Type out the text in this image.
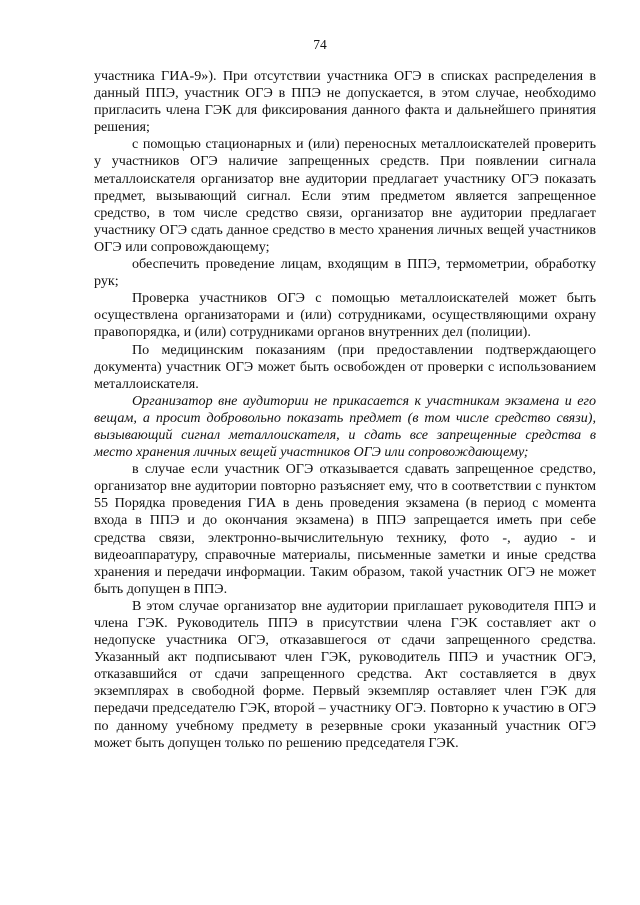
74

участника ГИА-9»). При отсутствии участника ОГЭ в списках распределения в данный ППЭ, участник ОГЭ в ППЭ не допускается, в этом случае, необходимо пригласить члена ГЭК для фиксирования данного факта и дальнейшего принятия решения;

с помощью стационарных и (или) переносных металлоискателей проверить у участников ОГЭ наличие запрещенных средств. При появлении сигнала металлоискателя организатор вне аудитории предлагает участнику ОГЭ показать предмет, вызывающий сигнал. Если этим предметом является запрещенное средство, в том числе средство связи, организатор вне аудитории предлагает участнику ОГЭ сдать данное средство в место хранения личных вещей участников ОГЭ или сопровождающему;

обеспечить проведение лицам, входящим в ППЭ, термометрии, обработку рук;

Проверка участников ОГЭ с помощью металлоискателей может быть осуществлена организаторами и (или) сотрудниками, осуществляющими охрану правопорядка, и (или) сотрудниками органов внутренних дел (полиции).

По медицинским показаниям (при предоставлении подтверждающего документа) участник ОГЭ может быть освобожден от проверки с использованием металлоискателя.

Организатор вне аудитории не прикасается к участникам экзамена и его вещам, а просит добровольно показать предмет (в том числе средство связи), вызывающий сигнал металлоискателя, и сдать все запрещенные средства в место хранения личных вещей участников ОГЭ или сопровождающему;

в случае если участник ОГЭ отказывается сдавать запрещенное средство, организатор вне аудитории повторно разъясняет ему, что в соответствии с пунктом 55 Порядка проведения ГИА в день проведения экзамена (в период с момента входа в ППЭ и до окончания экзамена) в ППЭ запрещается иметь при себе средства связи, электронно-вычислительную технику, фото -, аудио - и видеоаппаратуру, справочные материалы, письменные заметки и иные средства хранения и передачи информации. Таким образом, такой участник ОГЭ не может быть допущен в ППЭ.

В этом случае организатор вне аудитории приглашает руководителя ППЭ и члена ГЭК. Руководитель ППЭ в присутствии члена ГЭК составляет акт о недопуске участника ОГЭ, отказавшегося от сдачи запрещенного средства. Указанный акт подписывают член ГЭК, руководитель ППЭ и участник ОГЭ, отказавшийся от сдачи запрещенного средства. Акт составляется в двух экземплярах в свободной форме. Первый экземпляр оставляет член ГЭК для передачи председателю ГЭК, второй – участнику ОГЭ. Повторно к участию в ОГЭ по данному учебному предмету в резервные сроки указанный участник ОГЭ может быть допущен только по решению председателя ГЭК.
